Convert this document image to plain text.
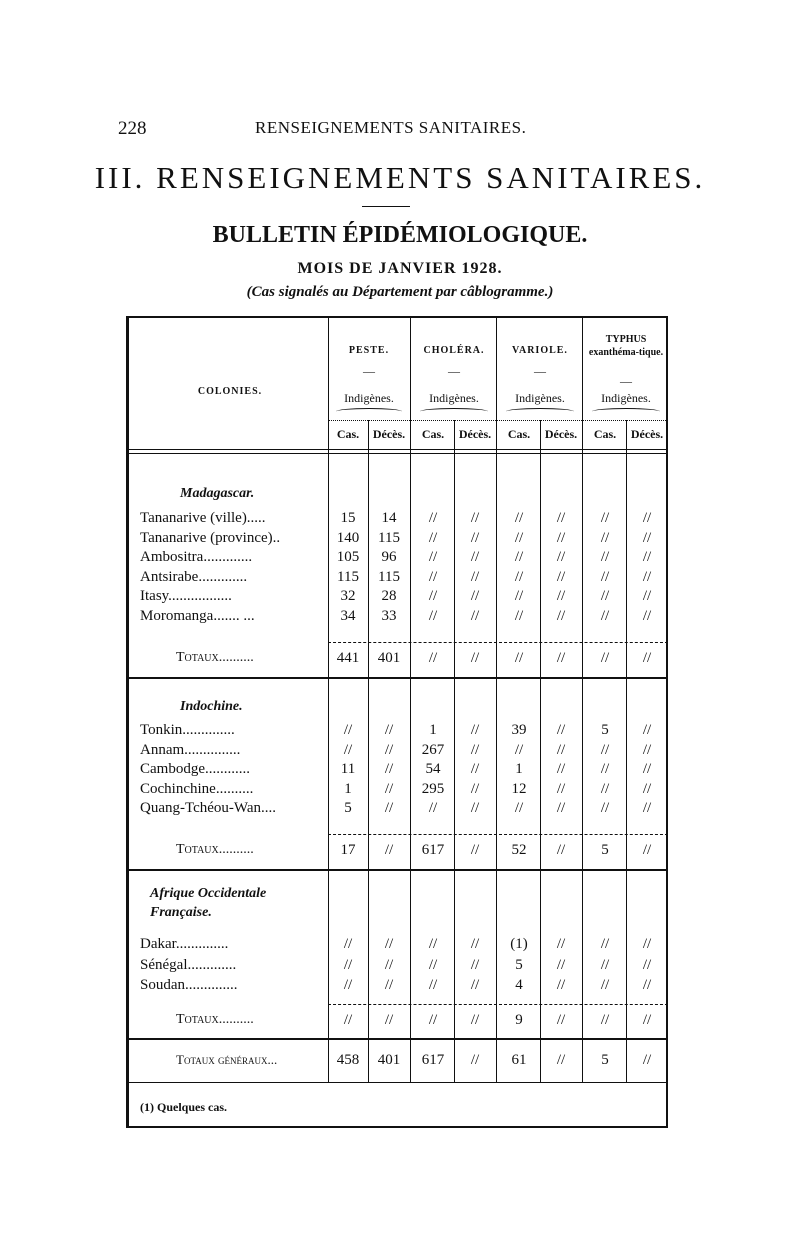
228	RENSEIGNEMENTS SANITAIRES.
III. RENSEIGNEMENTS SANITAIRES.
BULLETIN ÉPIDÉMIOLOGIQUE.
MOIS DE JANVIER 1928.
(Cas signalés au Département par câblogramme.)
COLONIES.
PESTE.	CHOLÉRA.	VARIOLE.
TYPHUS exanthéma-tique.
—	—	—
—
Indigènes.	Indigènes.	Indigènes.	Indigènes.
Cas.	Décès.	Cas.	Décès.	Cas.	Décès.	Cas.	Décès.
Madagascar.
Tananarive (ville).....	15	14	//	//	//	//	//	//
Tananarive (province)..	140	115	//	//	//	//	//	//
Ambositra.............	105	96	//	//	//	//	//	//
Antsirabe.............	115	115	//	//	//	//	//	//
Itasy.................	32	28	//	//	//	//	//	//
Moromanga....... ...	34	33	//	//	//	//	//	//
Totaux..........	441	401	//	//	//	//	//	//
Indochine.
Tonkin..............	//	//	1	//	39	//	5	//
Annam...............	//	//	267	//	//	//	//	//
Cambodge............	11	//	54	//	1	//	//	//
Cochinchine..........	1	//	295	//	12	//	//	//
Quang-Tchéou-Wan....	5	//	//	//	//	//	//	//
Totaux..........	17	//	617	//	52	//	5	//
Afrique Occidentale Française.
Dakar..............	//	//	//	//	(1)	//	//	//
Sénégal.............	//	//	//	//	5	//	//	//
Soudan..............	//	//	//	//	4	//	//	//
Totaux..........	//	//	//	//	9	//	//	//
Totaux généraux...	458	401	617	//	61	//	5	//
(1) Quelques cas.
